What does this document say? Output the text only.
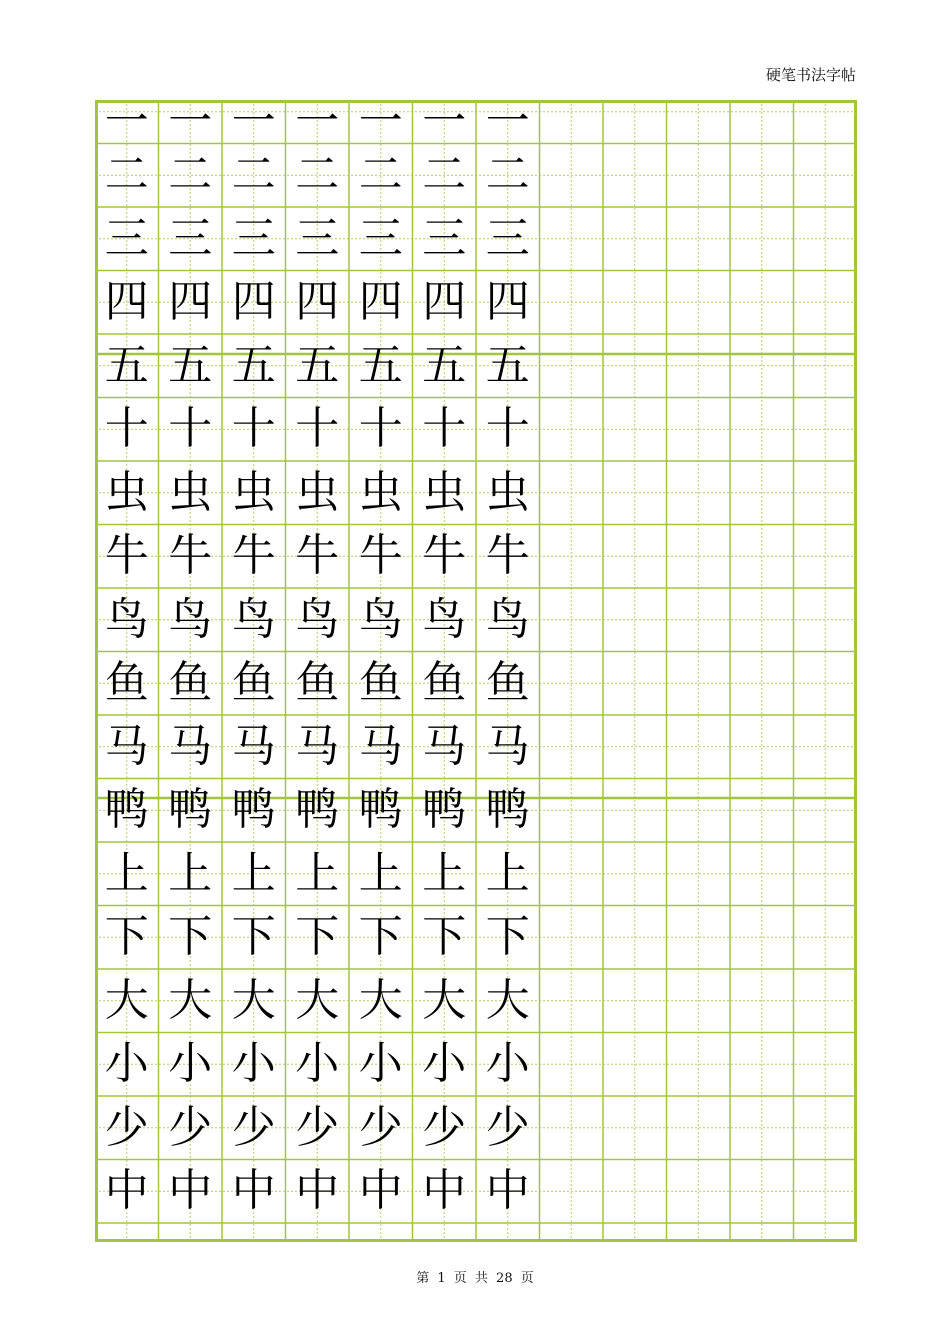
硬笔书法字帖
一 一 一 一 一 一 一
二 二 二 二 二 二 二
三 三 三 三 三 三 三
四 四 四 四 四 四 四
五 五 五 五 五 五 五
十 十 十 十 十 十 十
虫 虫 虫 虫 虫 虫 虫
牛 牛 牛 牛 牛 牛 牛
鸟 鸟 鸟 鸟 鸟 鸟 鸟
鱼 鱼 鱼 鱼 鱼 鱼 鱼
马 马 马 马 马 马 马
鸭 鸭 鸭 鸭 鸭 鸭 鸭
上 上 上 上 上 上 上
下 下 下 下 下 下 下
大 大 大 大 大 大 大
小 小 小 小 小 小 小
少 少 少 少 少 少 少
中 中 中 中 中 中 中
第 1 页 共 28 页
